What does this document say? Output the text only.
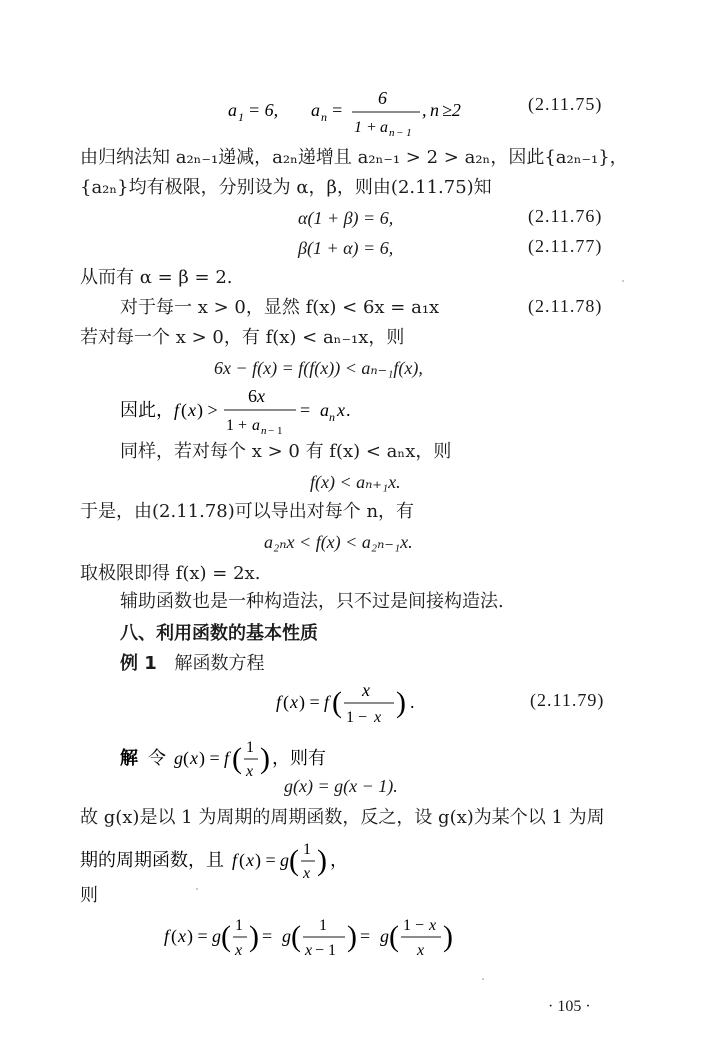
a 1 = 6, a n =
6
1 + a n − 1
, n ≥2	(2.11.75)
由归纳法知 a₂ₙ₋₁递减，a₂ₙ递增且 a₂ₙ₋₁ > 2 > a₂ₙ，因此{a₂ₙ₋₁}，
{a₂ₙ}均有极限，分别设为 α，β，则由(2.11.75)知
α(1 + β) = 6,	(2.11.76)
β(1 + α) = 6,	(2.11.77)
从而有 α = β = 2.
对于每一 x > 0，显然 f(x) < 6x = a₁x	(2.11.78)
若对每一个 x > 0，有 f(x) < aₙ₋₁x，则
6x − f(x) = f(f(x)) < aₙ₋₁f(x),
因此， f ( x ) >
6 x
1 + a n − 1
= a n x .
同样，若对每个 x > 0 有 f(x) < aₙx，则
f(x) < aₙ₊₁x.
于是，由(2.11.78)可以导出对每个 n，有
a₂ₙx < f(x) < a₂ₙ₋₁x.
取极限即得 f(x) = 2x.
辅助函数也是一种构造法，只不过是间接构造法.
八、利用函数的基本性质
例 1 解函数方程
f ( x ) = f ( x
1 − x ) .	(2.11.79)
解 令 g ( x ) = f ( 1
x ) ，则有
g(x) = g(x − 1).
故 g(x)是以 1 为周期的周期函数，反之，设 g(x)为某个以 1 为周
期的周期函数，且 f ( x ) = g ( 1
x ) ，
则
f ( x ) = g ( 1
x ) = g ( 1
x − 1 ) = g ( 1 − x
x )
· 105 ·
